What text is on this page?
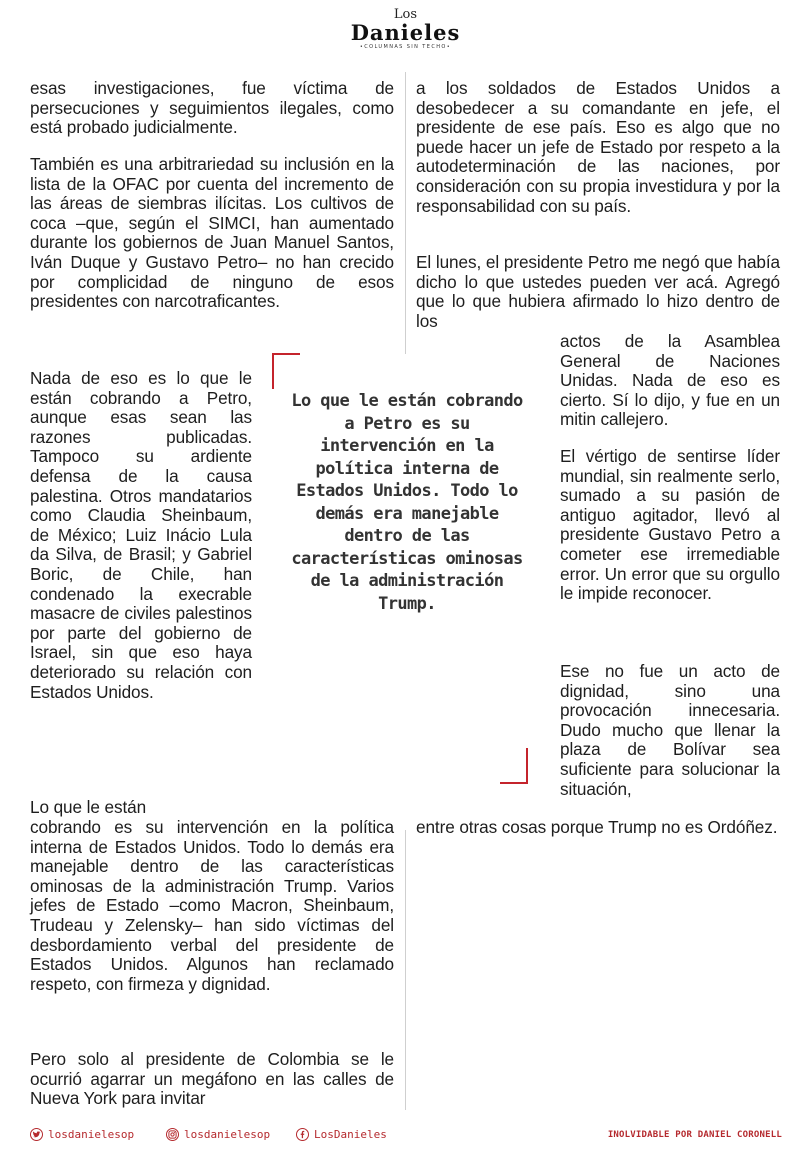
Los
Danieles
•COLUMNAS SIN TECHO•

esas investigaciones, fue víctima de persecuciones y seguimientos ilegales, como está probado judicialmente.

También es una arbitrariedad su inclusión en la lista de la OFAC por cuenta del incremento de las áreas de siembras ilícitas. Los cultivos de coca –que, según el SIMCI, han aumentado durante los gobiernos de Juan Manuel Santos, Iván Duque y Gustavo Petro– no han crecido por complicidad de ninguno de esos presidentes con narcotraficantes.

Nada de eso es lo que le están cobrando a Petro, aunque esas sean las razones publicadas. Tampoco su ardiente defensa de la causa palestina. Otros mandatarios como Claudia Sheinbaum, de México; Luiz Inácio Lula da Silva, de Brasil; y Gabriel Boric, de Chile, han condenado la execrable masacre de civiles palestinos por parte del gobierno de Israel, sin que eso haya deteriorado su relación con Estados Unidos.

Lo que le están

cobrando es su intervención en la política interna de Estados Unidos. Todo lo demás era manejable dentro de las características ominosas de la administración Trump. Varios jefes de Estado –como Macron, Sheinbaum, Trudeau y Zelensky– han sido víctimas del desbordamiento verbal del presidente de Estados Unidos. Algunos han reclamado respeto, con firmeza y dignidad.

Pero solo al presidente de Colombia se le ocurrió agarrar un megáfono en las calles de Nueva York para invitar

a los soldados de Estados Unidos a desobedecer a su comandante en jefe, el presidente de ese país. Eso es algo que no puede hacer un jefe de Estado por respeto a la autodeterminación de las naciones, por consideración con su propia investidura y por la responsabilidad con su país.

El lunes, el presidente Petro me negó que había dicho lo que ustedes pueden ver acá. Agregó que lo que hubiera afirmado lo hizo dentro de los

actos de la Asamblea General de Naciones Unidas. Nada de eso es cierto. Sí lo dijo, y fue en un mitin callejero.

El vértigo de sentirse líder mundial, sin realmente serlo, sumado a su pasión de antiguo agitador, llevó al presidente Gustavo Petro a cometer ese irremediable error. Un error que su orgullo le impide reconocer.

Ese no fue un acto de dignidad, sino una provocación innecesaria. Dudo mucho que llenar la plaza de Bolívar sea suficiente para solucionar la situación,

entre otras cosas porque Trump no es Ordóñez.

Lo que le están cobrando a Petro es su intervención en la política interna de Estados Unidos. Todo lo demás era manejable dentro de las características ominosas de la administración Trump.

losdanielesop	losdanielesop	LosDanieles	INOLVIDABLE POR DANIEL CORONELL
